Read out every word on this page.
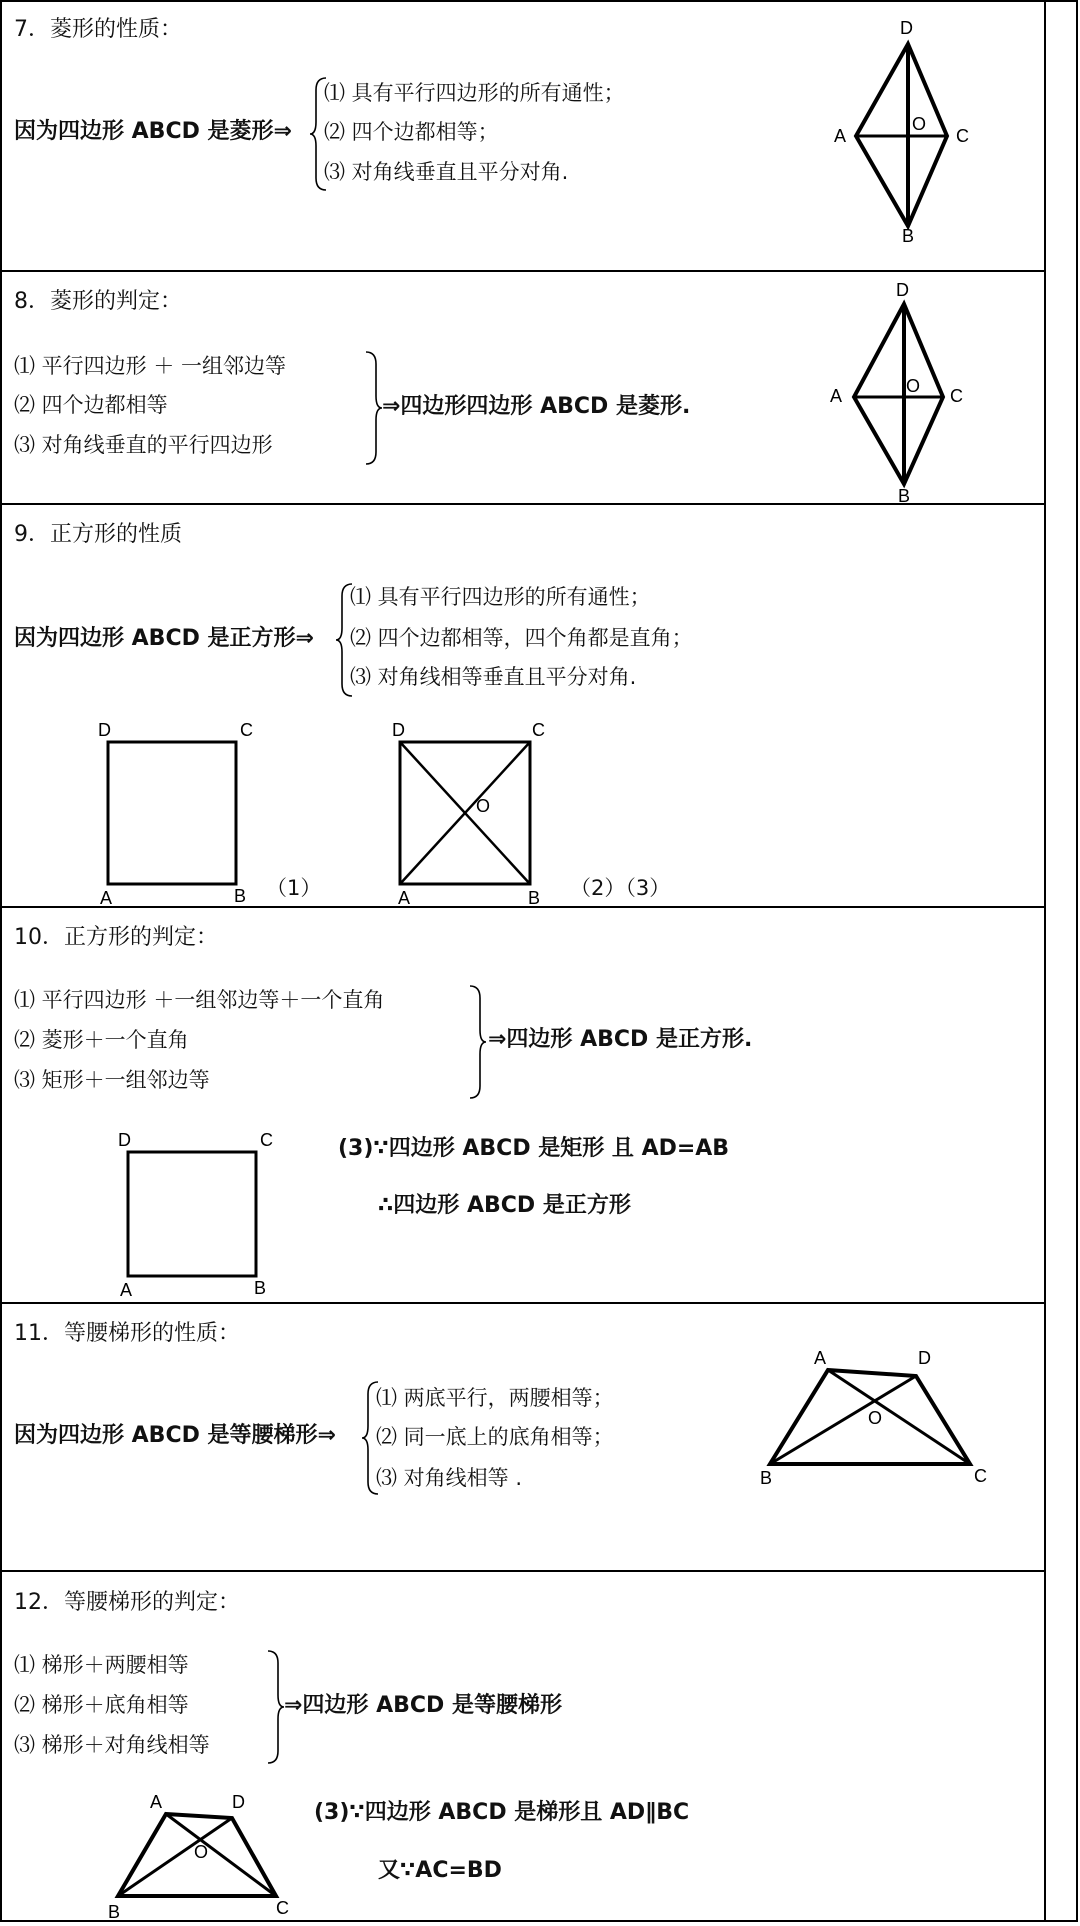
7．菱形的性质：
因为四边形 ABCD 是菱形⇒
⑴ 具有平行四边形的所有通性；
⑵ 四个边都相等；
⑶ 对角线垂直且平分对角.
D
A	C
B
O
8．菱形的判定：
⑴ 平行四边形 ＋ 一组邻边等
⑵ 四个边都相等
⑶ 对角线垂直的平行四边形
⇒四边形四边形 ABCD 是菱形.
D
A	C
B
O
9．正方形的性质
因为四边形 ABCD 是正方形⇒
⑴ 具有平行四边形的所有通性；
⑵ 四个边都相等，四个角都是直角；
⑶ 对角线相等垂直且平分对角.
D	C
A	B （1）
D	C
O
A	B （2）（3）
10．正方形的判定：
⑴ 平行四边形 ＋一组邻边等＋一个直角
⑵ 菱形＋一个直角
⑶ 矩形＋一组邻边等
⇒四边形 ABCD 是正方形.
D	C
A	B
(3)∵四边形 ABCD 是矩形 且 AD=AB
∴四边形 ABCD 是正方形
11．等腰梯形的性质：
因为四边形 ABCD 是等腰梯形⇒
⑴ 两底平行，两腰相等；
⑵ 同一底上的底角相等；
⑶ 对角线相等 .
A	D
O
B	C
12．等腰梯形的判定：
⑴ 梯形＋两腰相等
⑵ 梯形＋底角相等
⑶ 梯形＋对角线相等
⇒四边形 ABCD 是等腰梯形
A	D
O
B	C
(3)∵四边形 ABCD 是梯形且 AD∥BC
又∵AC=BD
